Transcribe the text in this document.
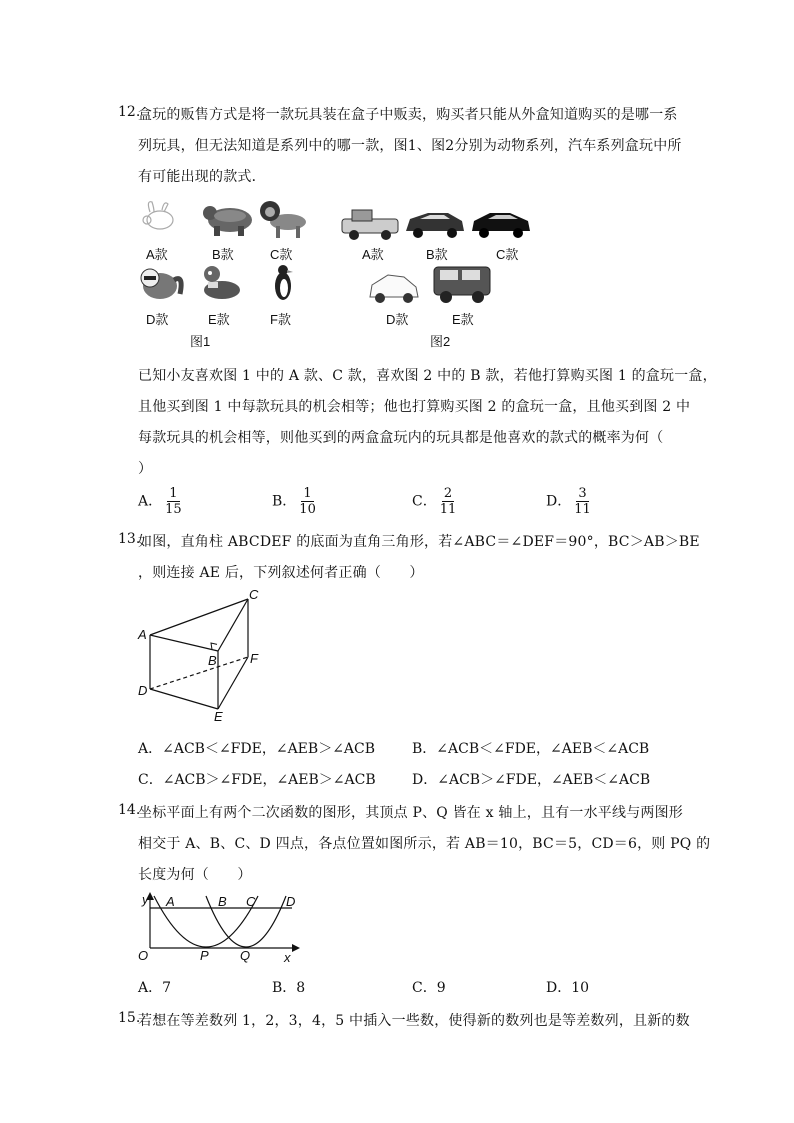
12.
盒玩的贩售方式是将一款玩具装在盒子中贩卖，购买者只能从外盒知道购买的是哪一系
列玩具，但无法知道是系列中的哪一款，图1、图2分别为动物系列，汽车系列盒玩中所
有可能出现的款式．
A款	B款	C款
D款	E款	F款
图1
A款	B款	C款
D款	E款
图2
已知小友喜欢图 1 中的 A 款、C 款，喜欢图 2 中的 B 款，若他打算购买图 1 的盒玩一盒，
且他买到图 1 中每款玩具的机会相等；他也打算购买图 2 的盒玩一盒，且他买到图 2 中
每款玩具的机会相等，则他买到的两盒盒玩内的玩具都是他喜欢的款式的概率为何（
）
A． $\frac{1}{15}$	B． $\frac{1}{10}$	C． $\frac{2}{11}$	D． $\frac{3}{11}$
13.
如图，直角柱 ABCDEF 的底面为直角三角形，若∠ABC＝∠DEF＝90°，BC＞AB＞BE
，则连接 AE 后，下列叙述何者正确（　　）
A
B
C
D
E
F
A．∠ACB＜∠FDE，∠AEB＞∠ACB	B．∠ACB＜∠FDE，∠AEB＜∠ACB
C．∠ACB＞∠FDE，∠AEB＞∠ACB	D．∠ACB＞∠FDE，∠AEB＜∠ACB
14.
坐标平面上有两个二次函数的图形，其顶点 P、Q 皆在 x 轴上，且有一水平线与两图形
相交于 A、B、C、D 四点，各点位置如图所示，若 AB＝10，BC＝5，CD＝6，则 PQ 的
长度为何（　　）
y
x
O
A	B C D
P Q
A．7	B．8	C．9	D．10
15.
若想在等差数列 1，2，3，4，5 中插入一些数，使得新的数列也是等差数列，且新的数
